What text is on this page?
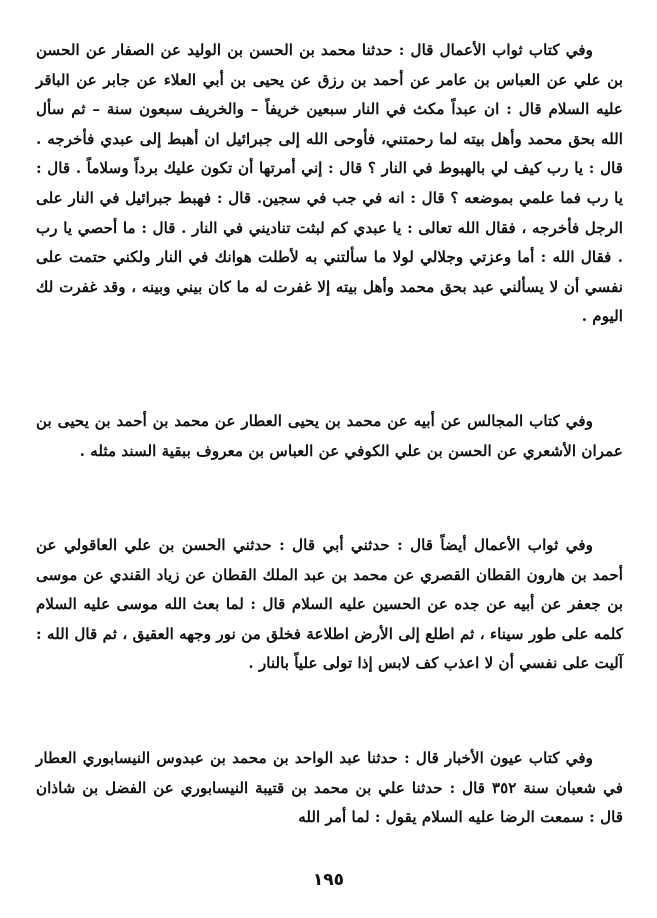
وفي كتاب ثواب الأعمال قال : حدثنا محمد بن الحسن بن الوليد عن الصفار عن الحسن بن علي عن العباس بن عامر عن أحمد بن رزق عن يحيى بن أبي العلاء عن جابر عن الباقر عليه السلام قال : ان عبداً مكث في النار سبعين خريفاً – والخريف سبعون سنة – ثم سأل الله بحق محمد وأهل بيته لما رحمتني، فأوحى الله إلى جبرائيل ان أهبط إلى عبدي فأخرجه . قال : يا رب كيف لي بالهبوط في النار ؟ قال : إني أمرتها أن تكون عليك برداً وسلاماً . قال : يا رب فما علمي بموضعه ؟ قال : انه في جب في سجين. قال : فهبط جبرائيل في النار على الرجل فأخرجه ، فقال الله تعالى : يا عبدي كم لبثت تناديني في النار . قال : ما أحصي يا رب . فقال الله : أما وعزتي وجلالي لولا ما سألتني به لأطلت هوانك في النار ولكني حتمت على نفسي أن لا يسألني عبد بحق محمد وأهل بيته إلا غفرت له ما كان بيني وبينه ، وقد غفرت لك اليوم .

وفي كتاب المجالس عن أبيه عن محمد بن يحيى العطار عن محمد بن أحمد بن يحيى بن عمران الأشعري عن الحسن بن علي الكوفي عن العباس بن معروف ببقية السند مثله .

وفي ثواب الأعمال أيضاً قال : حدثني أبي قال : حدثني الحسن بن علي العاقولي عن أحمد بن هارون القطان القصري عن محمد بن عبد الملك القطان عن زياد القندي عن موسى بن جعفر عن أبيه عن جده عن الحسين عليه السلام قال : لما بعث الله موسى عليه السلام كلمه على طور سيناء ، ثم اطلع إلى الأرض اطلاعة فخلق من نور وجهه العقيق ، ثم قال الله : آليت على نفسي أن لا اعذب كف لابس إذا تولى علياً بالنار .

وفي كتاب عيون الأخبار قال : حدثنا عبد الواحد بن محمد بن عبدوس النيسابوري العطار في شعبان سنة ٣٥٢ قال : حدثنا علي بن محمد بن قتيبة النيسابوري عن الفضل بن شاذان قال : سمعت الرضا عليه السلام يقول : لما أمر الله

١٩٥
